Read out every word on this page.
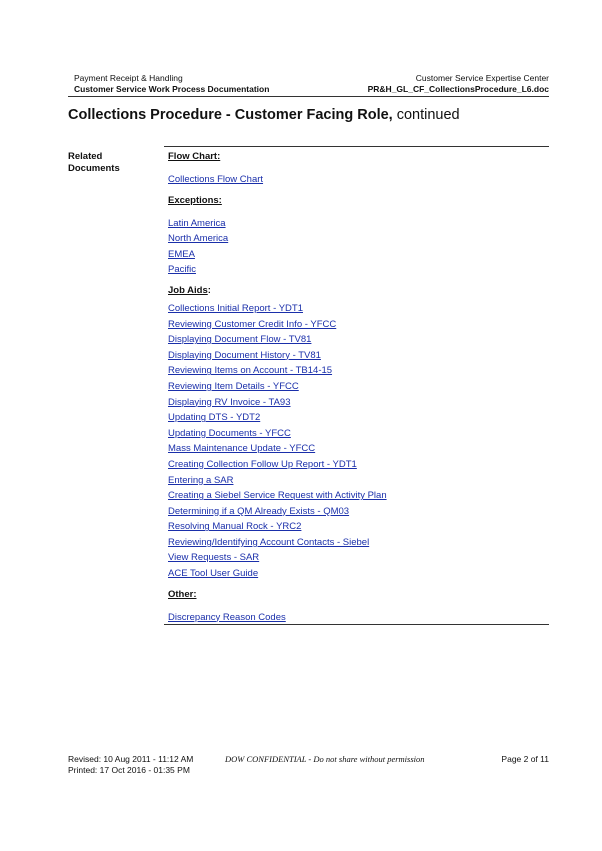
Payment Receipt & Handling
Customer Service Work Process Documentation
Customer Service Expertise Center
PR&H_GL_CF_CollectionsProcedure_L6.doc
Collections Procedure - Customer Facing Role, continued
Related Documents
Flow Chart:
Collections Flow Chart
Exceptions:
Latin America
North America
EMEA
Pacific
Job Aids:
Collections Initial Report - YDT1
Reviewing Customer Credit Info - YFCC
Displaying Document Flow - TV81
Displaying Document History - TV81
Reviewing Items on Account - TB14-15
Reviewing Item Details - YFCC
Displaying RV Invoice - TA93
Updating DTS - YDT2
Updating Documents - YFCC
Mass Maintenance Update - YFCC
Creating Collection Follow Up Report - YDT1
Entering a SAR
Creating a Siebel Service Request with Activity Plan
Determining if a QM Already Exists - QM03
Resolving Manual Rock - YRC2
Reviewing/Identifying Account Contacts - Siebel
View Requests - SAR
ACE Tool User Guide
Other:
Discrepancy Reason Codes
Revised: 10 Aug 2011 - 11:12 AM
Printed: 17 Oct 2016 - 01:35 PM
DOW CONFIDENTIAL - Do not share without permission	Page 2 of 11
